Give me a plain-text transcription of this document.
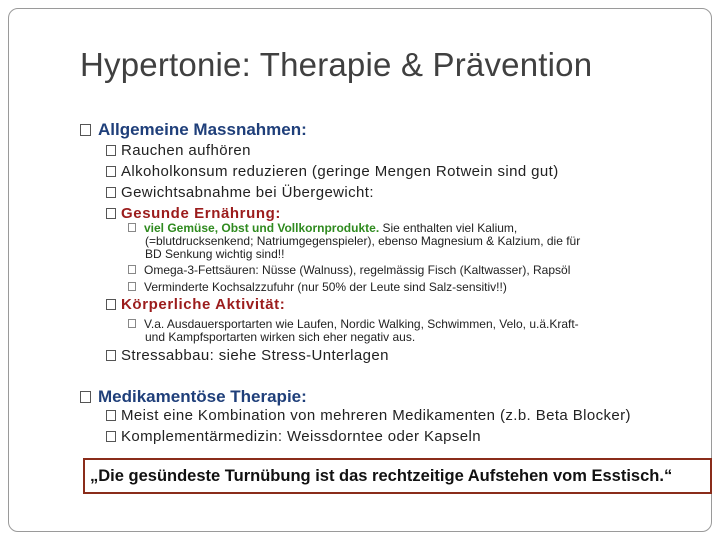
Hypertonie: Therapie & Prävention
Allgemeine Massnahmen:
Rauchen aufhören
Alkoholkonsum reduzieren (geringe Mengen Rotwein sind gut)
Gewichtsabnahme bei Übergewicht:
Gesunde Ernährung:
viel Gemüse, Obst und Vollkornprodukte. Sie enthalten viel Kalium,
(=blutdrucksenkend; Natriumgegenspieler), ebenso Magnesium & Kalzium, die für
BD Senkung wichtig sind!!
Omega-3-Fettsäuren: Nüsse (Walnuss), regelmässig Fisch (Kaltwasser), Rapsöl
Verminderte Kochsalzzufuhr (nur 50% der Leute sind Salz-sensitiv!!)
Körperliche Aktivität:
V.a. Ausdauersportarten wie Laufen, Nordic Walking, Schwimmen, Velo, u.ä.Kraft-
und Kampfsportarten wirken sich eher negativ aus.
Stressabbau: siehe Stress-Unterlagen
Medikamentöse Therapie:
Meist eine Kombination von mehreren Medikamenten (z.b. Beta Blocker)
Komplementärmedizin: Weissdorntee oder Kapseln
„Die gesündeste Turnübung ist das rechtzeitige Aufstehen vom Esstisch.“
